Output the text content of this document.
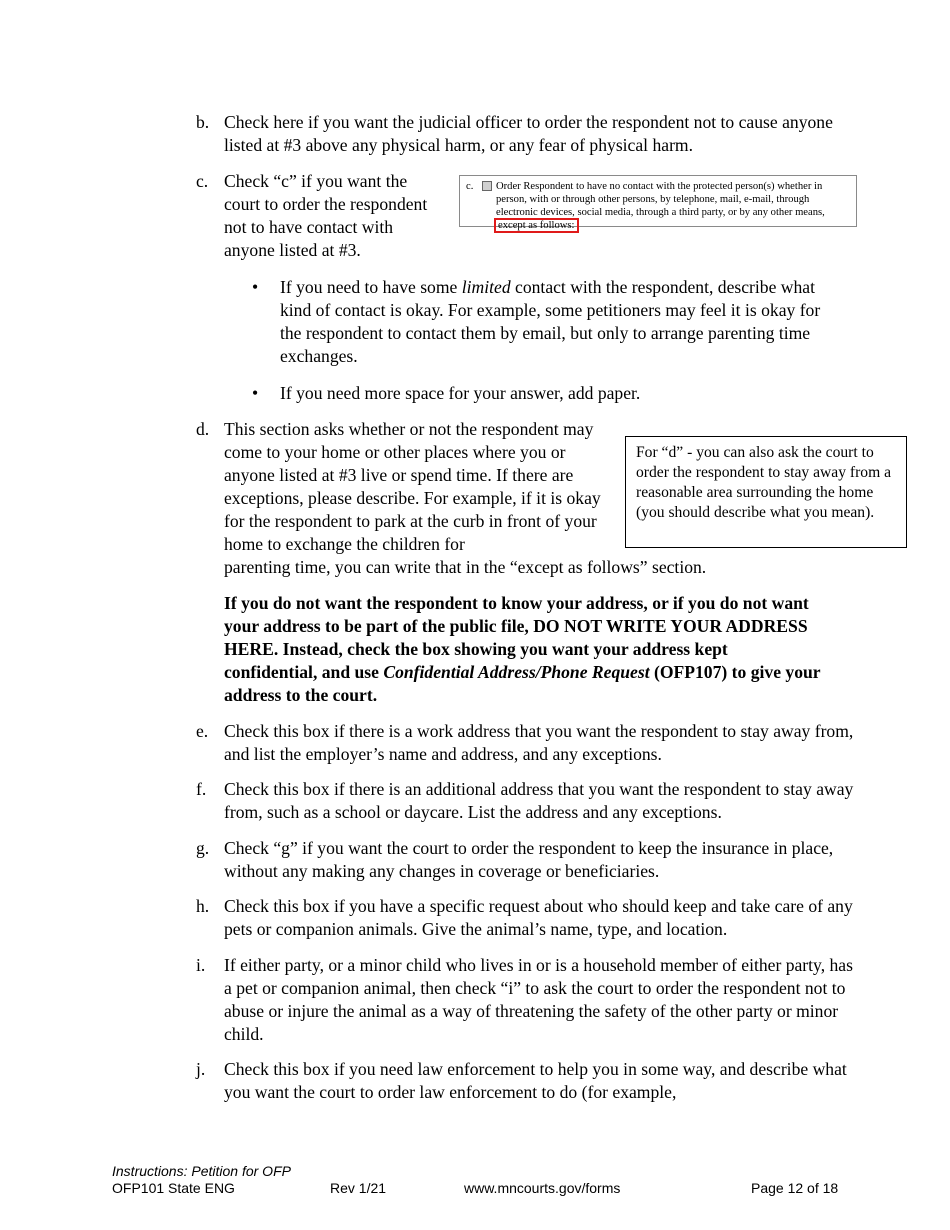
b. Check here if you want the judicial officer to order the respondent not to cause anyone listed at #3 above any physical harm, or any fear of physical harm.
c. Check “c” if you want the court to order the respondent not to have contact with anyone listed at #3.
c. Order Respondent to have no contact with the protected person(s) whether in person, with or through other persons, by telephone, mail, e-mail, through electronic devices, social media, through a third party, or by any other means, except as follows:
• If you need to have some limited contact with the respondent, describe what kind of contact is okay. For example, some petitioners may feel it is okay for the respondent to contact them by email, but only to arrange parenting time exchanges.
• If you need more space for your answer, add paper.
d. This section asks whether or not the respondent may come to your home or other places where you or anyone listed at #3 live or spend time. If there are exceptions, please describe. For example, if it is okay for the respondent to park at the curb in front of your home to exchange the children for
parenting time, you can write that in the “except as follows” section.
For “d” - you can also ask the court to order the respondent to stay away from a reasonable area surrounding the home (you should describe what you mean).
If you do not want the respondent to know your address, or if you do not want your address to be part of the public file, DO NOT WRITE YOUR ADDRESS HERE. Instead, check the box showing you want your address kept confidential, and use Confidential Address/Phone Request (OFP107) to give your address to the court.
e. Check this box if there is a work address that you want the respondent to stay away from, and list the employer’s name and address, and any exceptions.
f. Check this box if there is an additional address that you want the respondent to stay away from, such as a school or daycare. List the address and any exceptions.
g. Check “g” if you want the court to order the respondent to keep the insurance in place, without any making any changes in coverage or beneficiaries.
h. Check this box if you have a specific request about who should keep and take care of any pets or companion animals. Give the animal’s name, type, and location.
i. If either party, or a minor child who lives in or is a household member of either party, has a pet or companion animal, then check “i” to ask the court to order the respondent not to abuse or injure the animal as a way of threatening the safety of the other party or minor child.
j. Check this box if you need law enforcement to help you in some way, and describe what you want the court to order law enforcement to do (for example,
Instructions: Petition for OFP
OFP101 State ENG	Rev 1/21	www.mncourts.gov/forms	Page 12 of 18
